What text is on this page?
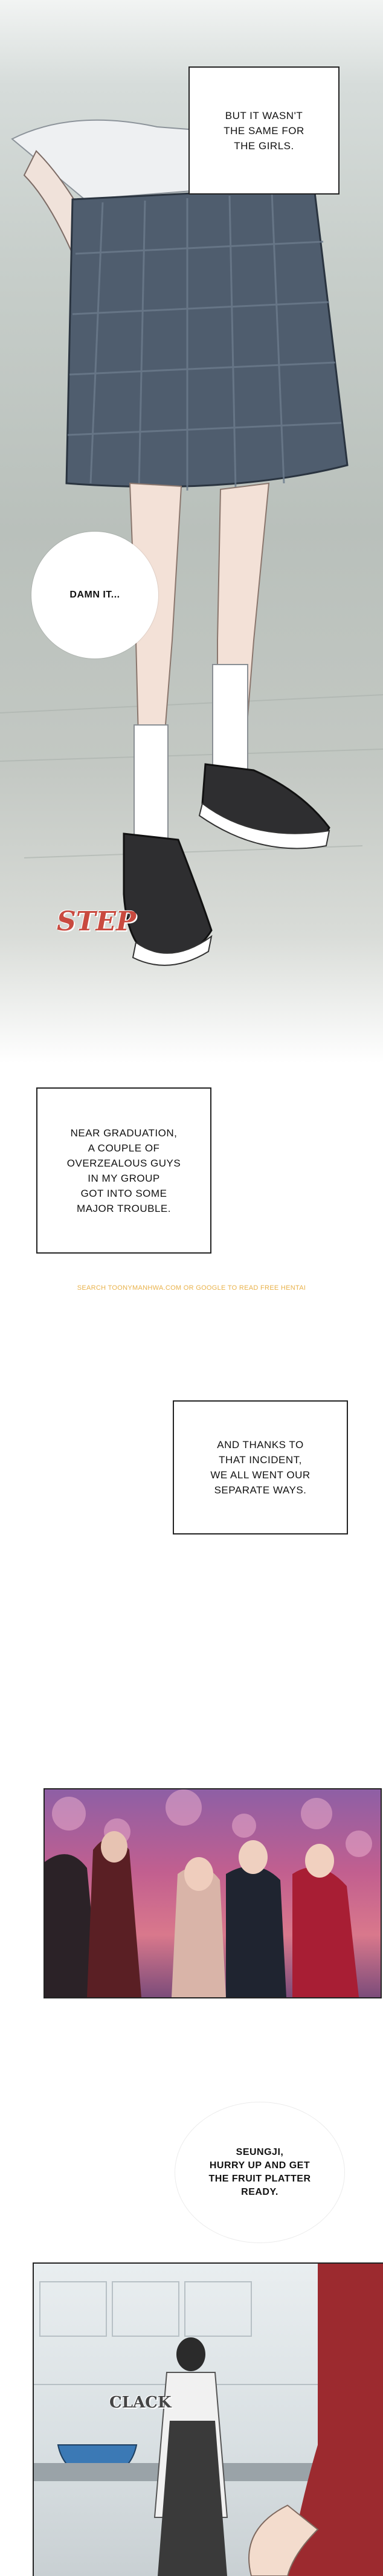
BUT IT WASN'T
THE SAME FOR
THE GIRLS.
DAMN IT...
STEP
NEAR GRADUATION,
A COUPLE OF
OVERZEALOUS GUYS
IN MY GROUP
GOT INTO SOME
MAJOR TROUBLE.
SEARCH TOONYMANHWA.COM OR GOOGLE TO READ FREE HENTAI
AND THANKS TO
THAT INCIDENT,
WE ALL WENT OUR
SEPARATE WAYS.
SEUNGJI,
HURRY UP AND GET
THE FRUIT PLATTER
READY.
CLACK
